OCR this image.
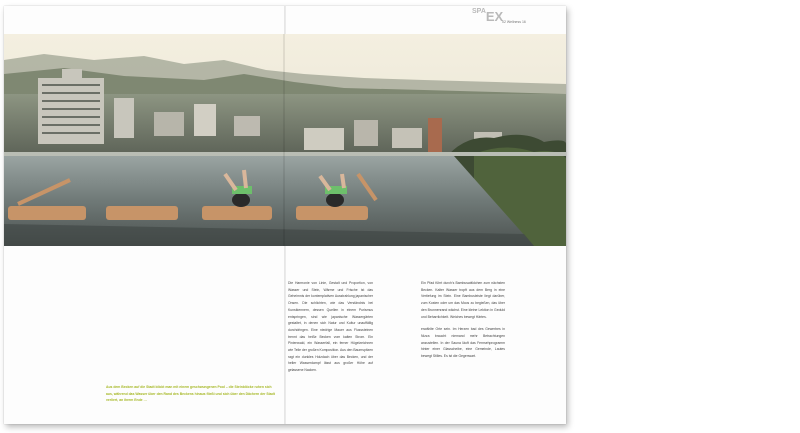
$^{SPA}$EX
02 Wellness 16

Aus dem Becken auf die Stadt blickt man mit einem geschwungenen Pool – die Steinblöcke ruhen sich aus, während das Wasser über den Rand des Beckens hinaus fließt und sich über den Dächern der Stadt verliert, an ihrem Ende …

Die Harmonie von Linie, Gestalt und Proportion, von Wasser und Stein, Wärme und Frische ist das Geheimnis der kontemplativen Ausstrahlung japanischer Onsen. Die schlichten, wie das Verständnis bei Kunstkennern, dessen Quellen in einem Purismus entspringen, sind wie japanische Wassergärten gestaltet, in denen sich Natur und Kultur unauffällig durchdringen. Eine niedrige Mauer aus Flusssteinen trennt das heiße Becken vom kalten Strom. Ein Pinienwald, ein Wasserfall, ein ferner Hügelzeichnen wie Teile der großen Komposition. Aus den Baumspitzen ragt ein dunkles Holzdach über das Becken, und der heller Wasserdampf lässt aus großer Höhe auf gelassene Nacken.

Ein Pfad führt durch's Bambuswäldchen zum nächsten Becken. Kalter Wasser tropft aus dem Berg in eine Vertiefung im Stein. Eine Bambusleiste liegt darüber, zum Kosten oder um das Moos zu begießen, das über den Brunnenrand wächst. Eine kleine Lektion in Geduld und Beharrlichkeit. Weiches bewegt Härtes.

erwählte Orte sein. Im Herzen bad des Gewerbes in Nizza braucht niemand mehr Betrachtungen anzustellen. In der Sauna läuft das Fernsehprogramm hinter einer Glasscheibe, eine Gemeinde, Lautes bewegt Stilles. Es ist die Gegenwart.
